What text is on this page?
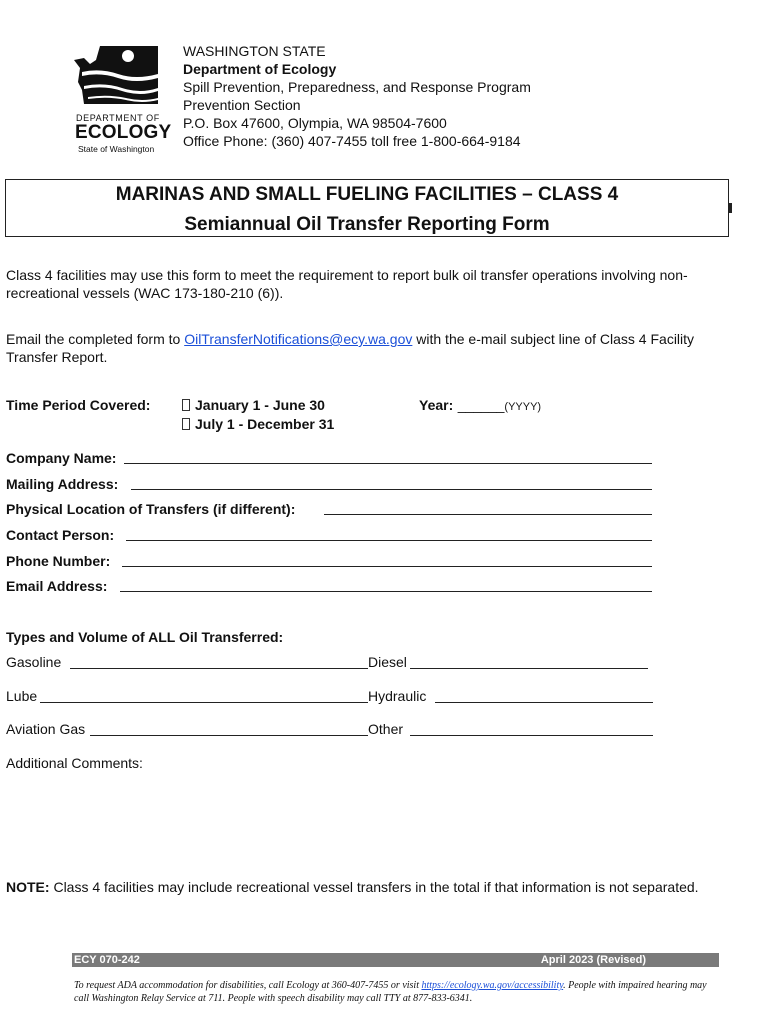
DEPARTMENT OF
ECOLOGY
State of Washington
WASHINGTON STATE
Department of Ecology
Spill Prevention, Preparedness, and Response Program
Prevention Section
P.O. Box 47600, Olympia, WA 98504-7600
Office Phone: (360) 407-7455 toll free 1-800-664-9184
MARINAS AND SMALL FUELING FACILITIES – CLASS 4
Semiannual Oil Transfer Reporting Form
Class 4 facilities may use this form to meet the requirement to report bulk oil transfer operations involving non-recreational vessels (WAC 173-180-210 (6)).
Email the completed form to OilTransferNotifications@ecy.wa.gov with the e-mail subject line of Class 4 Facility Transfer Report.
Time Period Covered:	January 1 - June 30
July 1 - December 31
Year: ______(YYYY)
Company Name:
Mailing Address:
Physical Location of Transfers (if different):
Contact Person:
Phone Number:
Email Address:
Types and Volume of ALL Oil Transferred:
Gasoline	Diesel
Lube	Hydraulic
Aviation Gas	Other
Additional Comments:
NOTE: Class 4 facilities may include recreational vessel transfers in the total if that information is not separated.
ECY 070-242	April 2023 (Revised)
To request ADA accommodation for disabilities, call Ecology at 360-407-7455 or visit https://ecology.wa.gov/accessibility. People with impaired hearing may call Washington Relay Service at 711. People with speech disability may call TTY at 877-833-6341.
